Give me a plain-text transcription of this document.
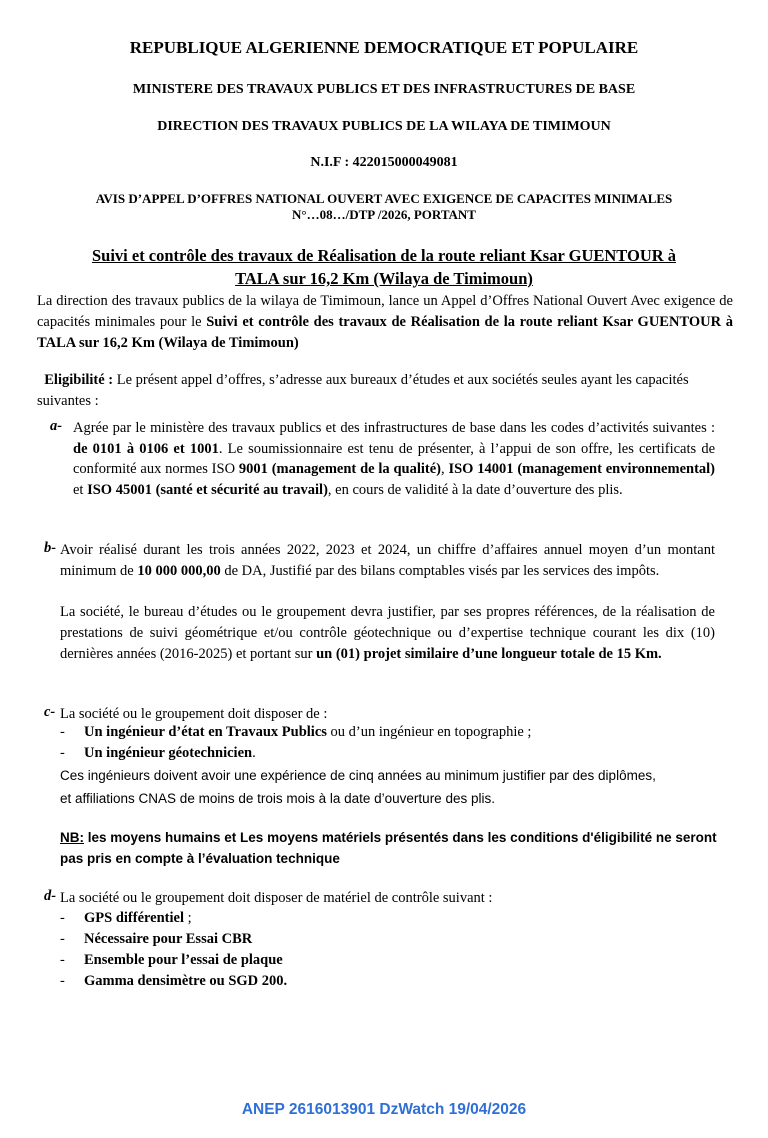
REPUBLIQUE ALGERIENNE DEMOCRATIQUE ET POPULAIRE
MINISTERE DES TRAVAUX PUBLICS ET DES INFRASTRUCTURES DE BASE
DIRECTION DES TRAVAUX PUBLICS DE LA WILAYA DE TIMIMOUN
N.I.F : 422015000049081
AVIS D’APPEL D’OFFRES NATIONAL OUVERT AVEC EXIGENCE DE CAPACITES MINIMALES
N°…08…/DTP /2026, PORTANT
Suivi et contrôle des travaux de Réalisation de la route reliant Ksar GUENTOUR à
TALA sur 16,2 Km (Wilaya de Timimoun)
La direction des travaux publics de la wilaya de Timimoun, lance un Appel d’Offres National Ouvert Avec exigence de capacités minimales pour le Suivi et contrôle des travaux de Réalisation de la route reliant Ksar GUENTOUR à TALA sur 16,2 Km (Wilaya de Timimoun)
Eligibilité : Le présent appel d’offres, s’adresse aux bureaux d’études et aux sociétés seules ayant les capacités suivantes :
a- Agrée par le ministère des travaux publics et des infrastructures de base dans les codes d’activités suivantes : de 0101 à 0106 et 1001. Le soumissionnaire est tenu de présenter, à l’appui de son offre, les certificats de conformité aux normes ISO 9001 (management de la qualité), ISO 14001 (management environnemental) et ISO 45001 (santé et sécurité au travail), en cours de validité à la date d’ouverture des plis.
b- Avoir réalisé durant les trois années 2022, 2023 et 2024, un chiffre d’affaires annuel moyen d’un montant minimum de 10 000 000,00 de DA, Justifié par des bilans comptables visés par les services des impôts.
La société, le bureau d’études ou le groupement devra justifier, par ses propres références, de la réalisation de prestations de suivi géométrique et/ou contrôle géotechnique ou d’expertise technique courant les dix (10) dernières années (2016-2025) et portant sur un (01) projet similaire d’une longueur totale de 15 Km.
c- La société ou le groupement doit disposer de :
- Un ingénieur d’état en Travaux Publics ou d’un ingénieur en topographie ;
- Un ingénieur géotechnicien.
Ces ingénieurs doivent avoir une expérience de cinq années au minimum justifier par des diplômes,
et affiliations CNAS de moins de trois mois à la date d’ouverture des plis.
NB: les moyens humains et Les moyens matériels présentés dans les conditions d'éligibilité ne seront pas pris en compte à l’évaluation technique
d- La société ou le groupement doit disposer de matériel de contrôle suivant :
- GPS différentiel ;
- Nécessaire pour Essai CBR
- Ensemble pour l’essai de plaque
- Gamma densimètre ou SGD 200.
ANEP 2616013901 DzWatch 19/04/2026
